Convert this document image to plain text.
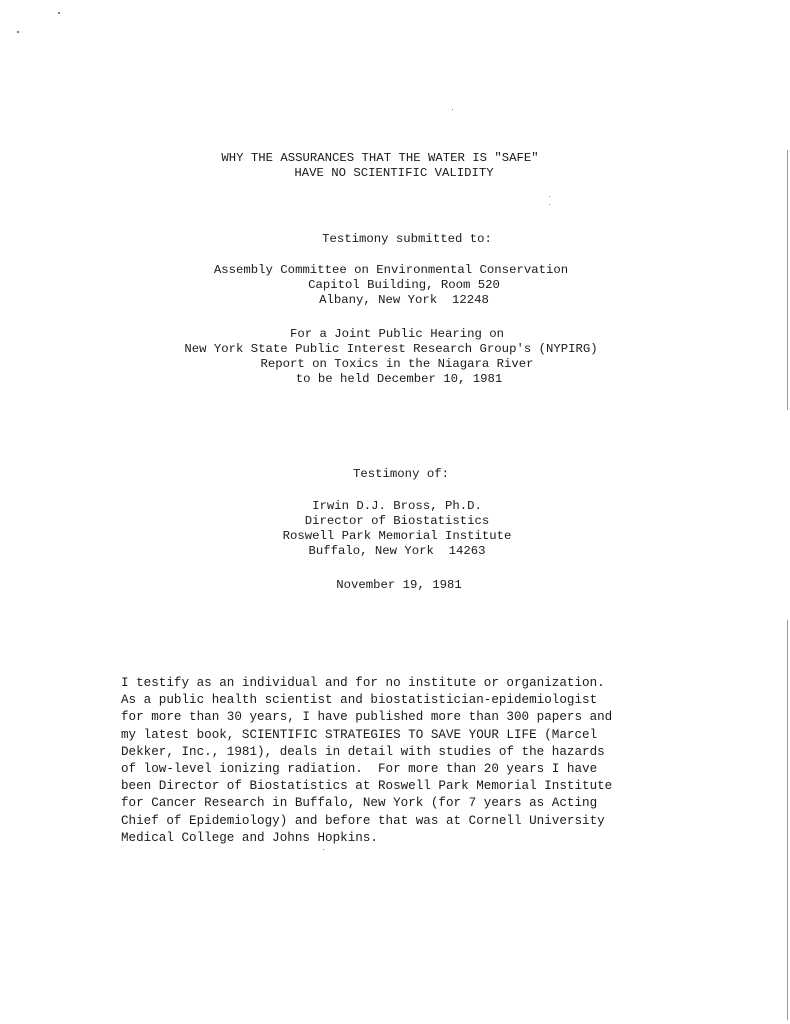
WHY THE ASSURANCES THAT THE WATER IS "SAFE"
HAVE NO SCIENTIFIC VALIDITY
Testimony submitted to:
Assembly Committee on Environmental Conservation
Capitol Building, Room 520
Albany, New York  12248
For a Joint Public Hearing on
New York State Public Interest Research Group's (NYPIRG)
Report on Toxics in the Niagara River
to be held December 10, 1981
Testimony of:
Irwin D.J. Bross, Ph.D.
Director of Biostatistics
Roswell Park Memorial Institute
Buffalo, New York  14263
November 19, 1981
I testify as an individual and for no institute or organization.
As a public health scientist and biostatistician-epidemiologist
for more than 30 years, I have published more than 300 papers and
my latest book, SCIENTIFIC STRATEGIES TO SAVE YOUR LIFE (Marcel
Dekker, Inc., 1981), deals in detail with studies of the hazards
of low-level ionizing radiation.  For more than 20 years I have
been Director of Biostatistics at Roswell Park Memorial Institute
for Cancer Research in Buffalo, New York (for 7 years as Acting
Chief of Epidemiology) and before that was at Cornell University
Medical College and Johns Hopkins.
